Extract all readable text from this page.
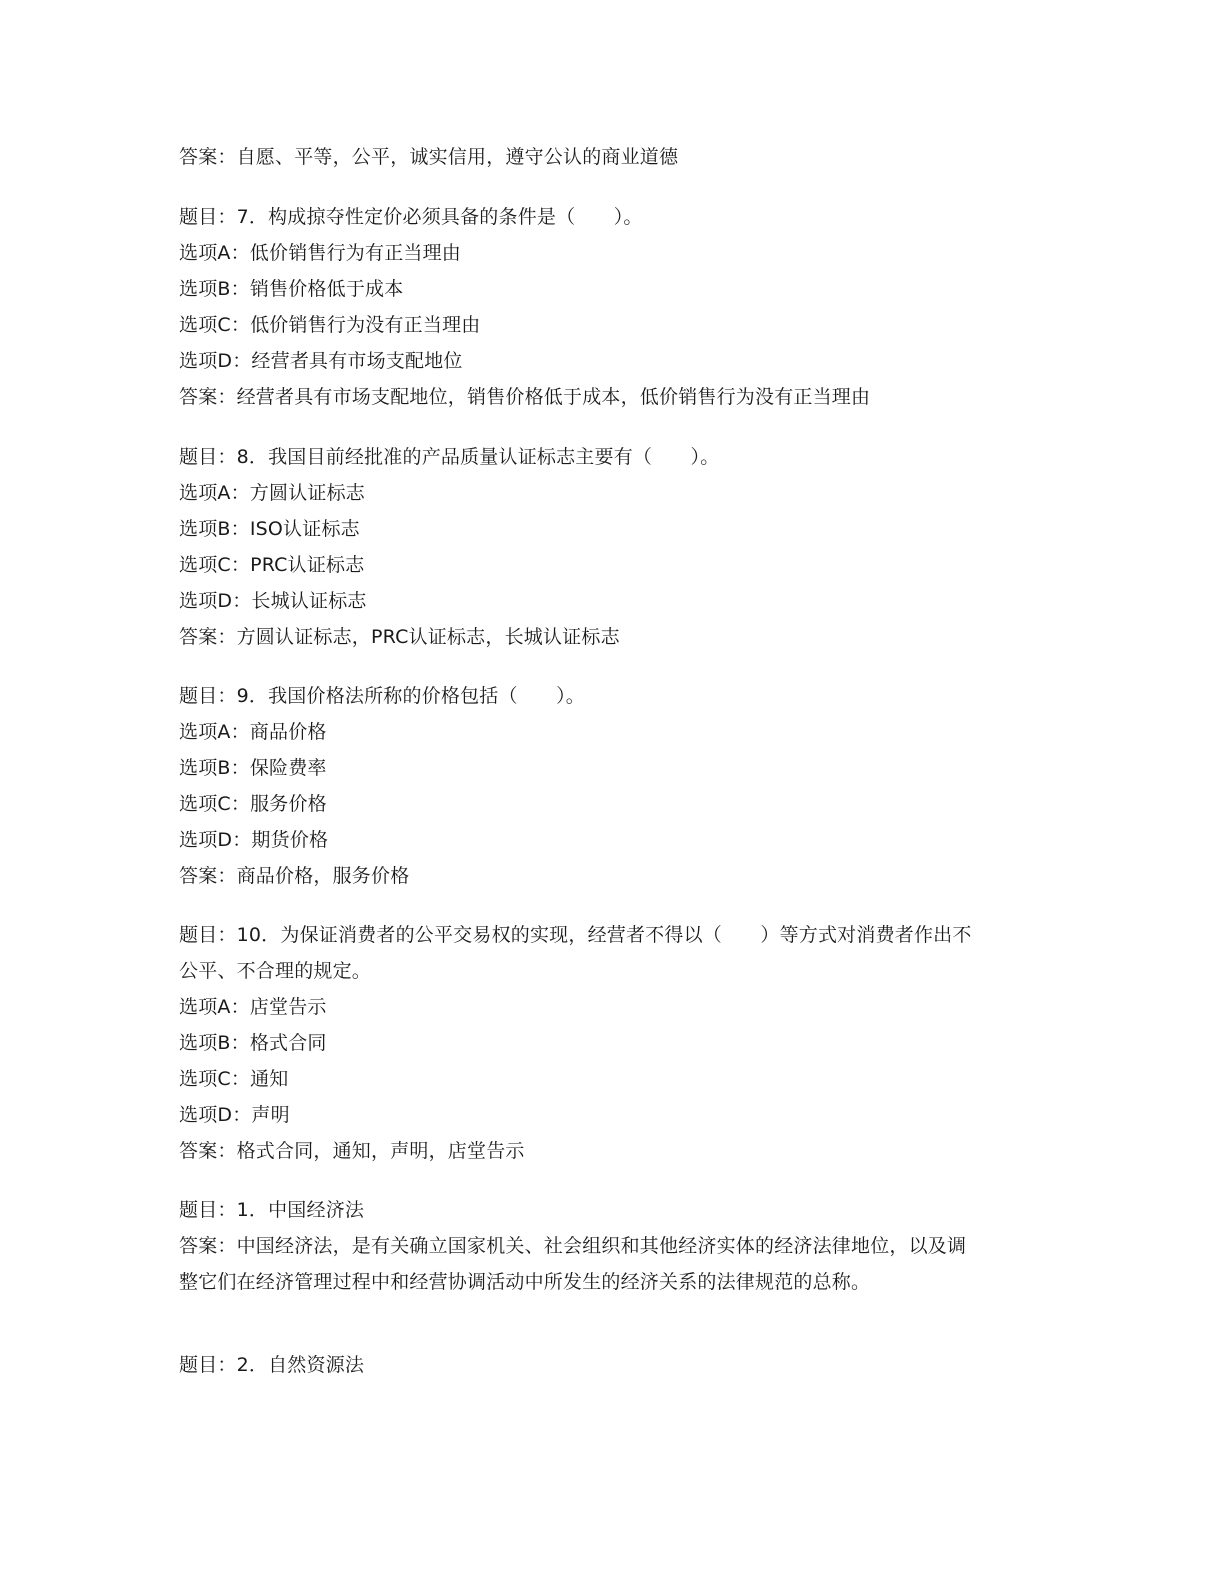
答案：自愿、平等，公平，诚实信用，遵守公认的商业道德
题目：7．构成掠夺性定价必须具备的条件是（　　）。
选项A：低价销售行为有正当理由
选项B：销售价格低于成本
选项C：低价销售行为没有正当理由
选项D：经营者具有市场支配地位
答案：经营者具有市场支配地位，销售价格低于成本，低价销售行为没有正当理由
题目：8．我国目前经批准的产品质量认证标志主要有（　　）。
选项A：方圆认证标志
选项B：ISO认证标志
选项C：PRC认证标志
选项D：长城认证标志
答案：方圆认证标志，PRC认证标志，长城认证标志
题目：9．我国价格法所称的价格包括（　　）。
选项A：商品价格
选项B：保险费率
选项C：服务价格
选项D：期货价格
答案：商品价格，服务价格
题目：10．为保证消费者的公平交易权的实现，经营者不得以（　　）等方式对消费者作出不
公平、不合理的规定。
选项A：店堂告示
选项B：格式合同
选项C：通知
选项D：声明
答案：格式合同，通知，声明，店堂告示
题目：1．中国经济法
答案：中国经济法，是有关确立国家机关、社会组织和其他经济实体的经济法律地位，以及调
整它们在经济管理过程中和经营协调活动中所发生的经济关系的法律规范的总称。
题目：2．自然资源法
